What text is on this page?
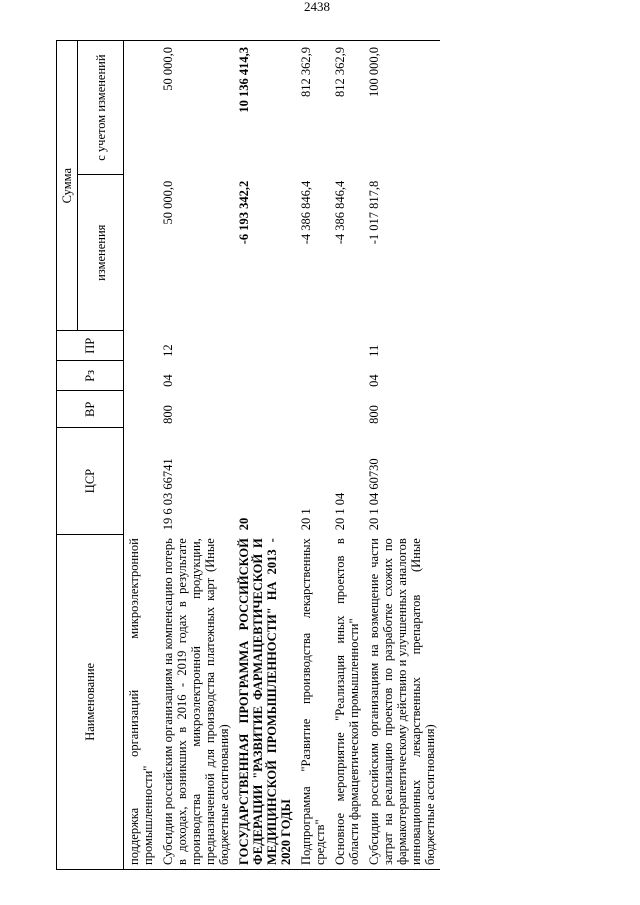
2438
Наименование	ЦСР	ВР	Рз	ПР	Сумма	
					изменения	с учетом изменений
поддержка организаций микроэлектронной промышленности"						
Субсидии российским организациям на компенсацию потерь в доходах, возникших в 2016 - 2019 годах в результате производства микроэлектронной продукции, предназначенной для производства платежных карт (Иные бюджетные ассигнования)	19 6 03 66741	800	04	12	50 000,0	50 000,0
ГОСУДАРСТВЕННАЯ ПРОГРАММА РОССИЙСКОЙ ФЕДЕРАЦИИ "РАЗВИТИЕ ФАРМАЦЕВТИЧЕСКОЙ И МЕДИЦИНСКОЙ ПРОМЫШЛЕННОСТИ" НА 2013 - 2020 ГОДЫ	20				-6 193 342,2	10 136 414,3
Подпрограмма "Развитие производства лекарственных средств"	20 1				-4 386 846,4	812 362,9
Основное мероприятие "Реализация иных проектов в области фармацевтической промышленности"	20 1 04				-4 386 846,4	812 362,9
Субсидии российским организациям на возмещение части затрат на реализацию проектов по разработке схожих по фармакотерапевтическому действию и улучшенных аналогов инновационных лекарственных препаратов (Иные бюджетные ассигнования)	20 1 04 60730	800	04	11	-1 017 817,8	100 000,0
